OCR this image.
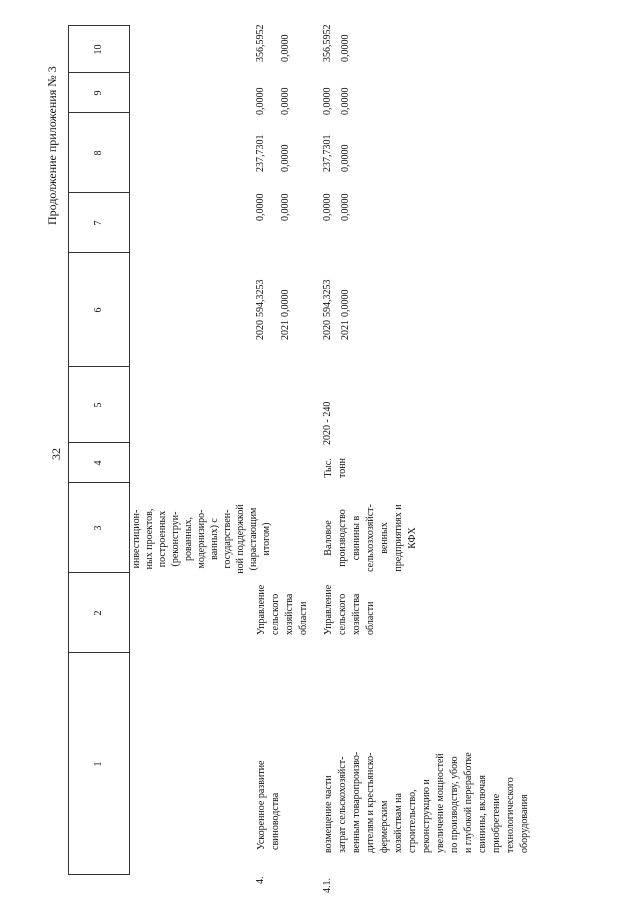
32
Продолжение приложения № 3
1
2
3
4
5
6
7
8
9
10
инвестицион-
ных проектов,
построенных
(реконструи-
рованных,
модернизиро-
ванных) с
государствен-
ной поддержкой
(нарастающим
итогом)
2020
594,3253
0,0000
237,7301
0,0000
356,5952
2021
0,0000
0,0000
0,0000
0,0000
0,0000
4.
Ускоренное развитие
свиноводства
Управление
сельского
хозяйства
области
4.1.
возмещение части
затрат сельскохозяйст-
венным товаропроизво-
дителям и крестьянско-
фермерским
хозяйствам на
строительство,
реконструкцию и
увеличение мощностей
по производству, убою
и глубокой переработке
свинины, включая
приобретение
технологического
оборудования
Управление
сельского
хозяйства
области
Валовое
производство
свинины в
сельхозхозяйст-
венных
предприятиях и
КФХ
Тыс.
тонн
2020 - 240
2020
594,3253
0,0000
237,7301
0,0000
356,5952
2021
0,0000
0,0000
0,0000
0,0000
0,0000
